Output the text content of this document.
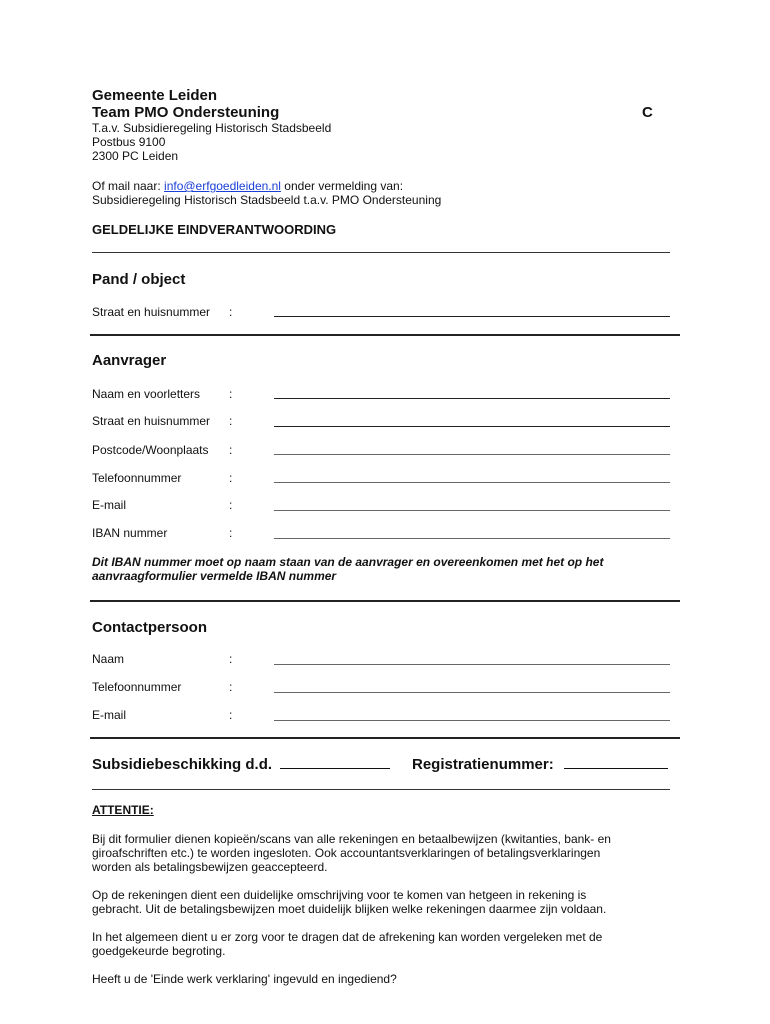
Gemeente Leiden
Team PMO Ondersteuning	C
T.a.v. Subsidieregeling Historisch Stadsbeeld
Postbus 9100
2300 PC Leiden
Of mail naar: info@erfgoedleiden.nl onder vermelding van:
Subsidieregeling Historisch Stadsbeeld t.a.v. PMO Ondersteuning
GELDELIJKE EINDVERANTWOORDING
Pand / object
Straat en huisnummer :
Aanvrager
Naam en voorletters :
Straat en huisnummer :
Postcode/Woonplaats :
Telefoonnummer	:
E-mail	:
IBAN nummer	:
Dit IBAN nummer moet op naam staan van de aanvrager en overeenkomen met het op het
aanvraagformulier vermelde IBAN nummer
Contactpersoon
Naam	:
Telefoonnummer	:
E-mail	:
Subsidiebeschikking d.d.	Registratienummer:
ATTENTIE:
Bij dit formulier dienen kopieën/scans van alle rekeningen en betaalbewijzen (kwitanties, bank- en
giroafschriften etc.) te worden ingesloten. Ook accountantsverklaringen of betalingsverklaringen
worden als betalingsbewijzen geaccepteerd.
Op de rekeningen dient een duidelijke omschrijving voor te komen van hetgeen in rekening is
gebracht. Uit de betalingsbewijzen moet duidelijk blijken welke rekeningen daarmee zijn voldaan.
In het algemeen dient u er zorg voor te dragen dat de afrekening kan worden vergeleken met de
goedgekeurde begroting.
Heeft u de 'Einde werk verklaring' ingevuld en ingediend?
